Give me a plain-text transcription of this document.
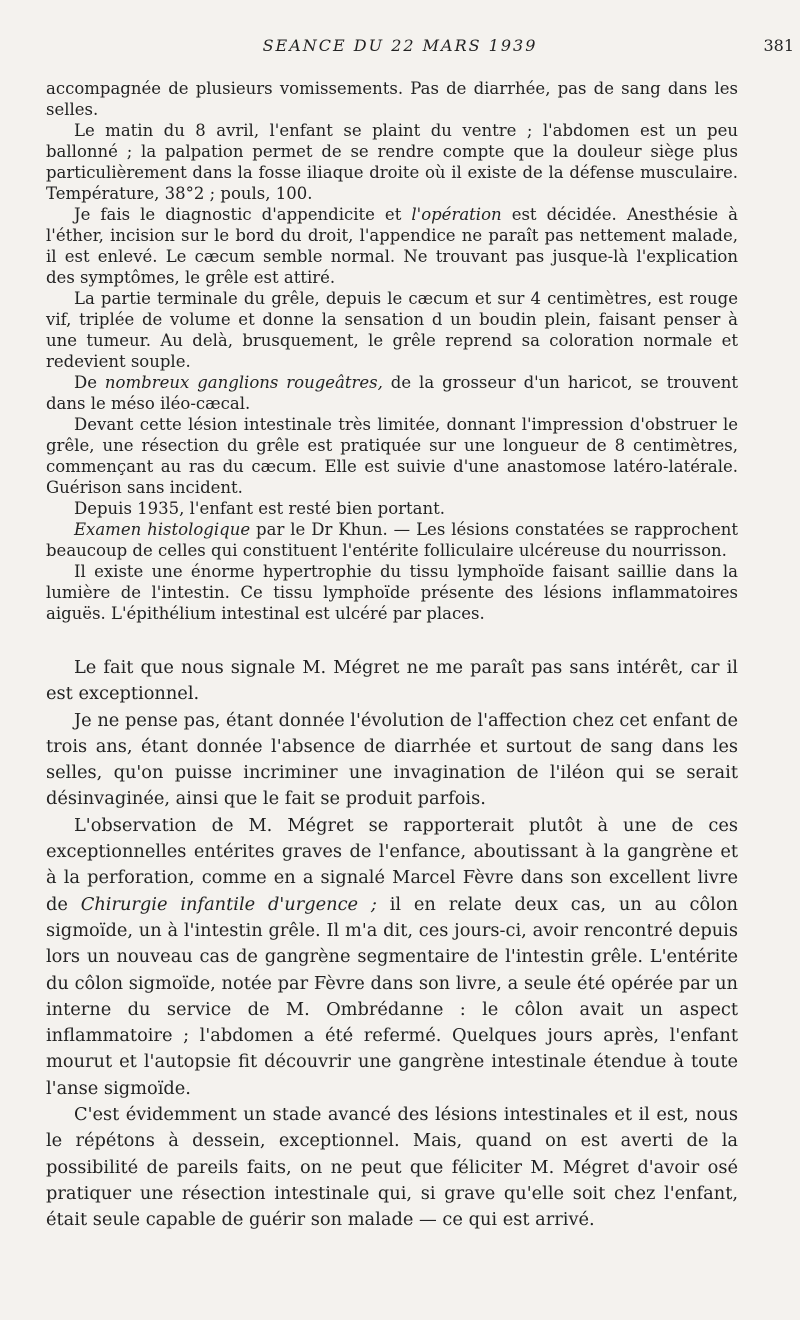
SEANCE DU 22 MARS 1939	381

accompagnée de plusieurs vomissements. Pas de diarrhée, pas de sang dans les selles.

Le matin du 8 avril, l'enfant se plaint du ventre ; l'abdomen est un peu ballonné ; la palpation permet de se rendre compte que la douleur siège plus particulièrement dans la fosse iliaque droite où il existe de la défense musculaire. Température, 38°2 ; pouls, 100.

Je fais le diagnostic d'appendicite et l'opération est décidée. Anesthésie à l'éther, incision sur le bord du droit, l'appendice ne paraît pas nettement malade, il est enlevé. Le cæcum semble normal. Ne trouvant pas jusque-là l'explication des symptômes, le grêle est attiré.

La partie terminale du grêle, depuis le cæcum et sur 4 centimètres, est rouge vif, triplée de volume et donne la sensation d un boudin plein, faisant penser à une tumeur. Au delà, brusquement, le grêle reprend sa coloration normale et redevient souple.

De nombreux ganglions rougeâtres, de la grosseur d'un haricot, se trouvent dans le méso iléo-cæcal.

Devant cette lésion intestinale très limitée, donnant l'impression d'obstruer le grêle, une résection du grêle est pratiquée sur une longueur de 8 centimètres, commençant au ras du cæcum. Elle est suivie d'une anastomose latéro-latérale. Guérison sans incident.

Depuis 1935, l'enfant est resté bien portant.

Examen histologique par le Dr Khun. — Les lésions constatées se rapprochent beaucoup de celles qui constituent l'entérite folliculaire ulcéreuse du nourrisson.

Il existe une énorme hypertrophie du tissu lymphoïde faisant saillie dans la lumière de l'intestin. Ce tissu lymphoïde présente des lésions inflammatoires aiguës. L'épithélium intestinal est ulcéré par places.

Le fait que nous signale M. Mégret ne me paraît pas sans intérêt, car il est exceptionnel.

Je ne pense pas, étant donnée l'évolution de l'affection chez cet enfant de trois ans, étant donnée l'absence de diarrhée et surtout de sang dans les selles, qu'on puisse incriminer une invagination de l'iléon qui se serait désinvaginée, ainsi que le fait se produit parfois.

L'observation de M. Mégret se rapporterait plutôt à une de ces exceptionnelles entérites graves de l'enfance, aboutissant à la gangrène et à la perforation, comme en a signalé Marcel Fèvre dans son excellent livre de Chirurgie infantile d'urgence ; il en relate deux cas, un au côlon sigmoïde, un à l'intestin grêle. Il m'a dit, ces jours-ci, avoir rencontré depuis lors un nouveau cas de gangrène segmentaire de l'intestin grêle. L'entérite du côlon sigmoïde, notée par Fèvre dans son livre, a seule été opérée par un interne du service de M. Ombrédanne : le côlon avait un aspect inflammatoire ; l'abdomen a été refermé. Quelques jours après, l'enfant mourut et l'autopsie fit découvrir une gangrène intestinale étendue à toute l'anse sigmoïde.

C'est évidemment un stade avancé des lésions intestinales et il est, nous le répétons à dessein, exceptionnel. Mais, quand on est averti de la possibilité de pareils faits, on ne peut que féliciter M. Mégret d'avoir osé pratiquer une résection intestinale qui, si grave qu'elle soit chez l'enfant, était seule capable de guérir son malade — ce qui est arrivé.
